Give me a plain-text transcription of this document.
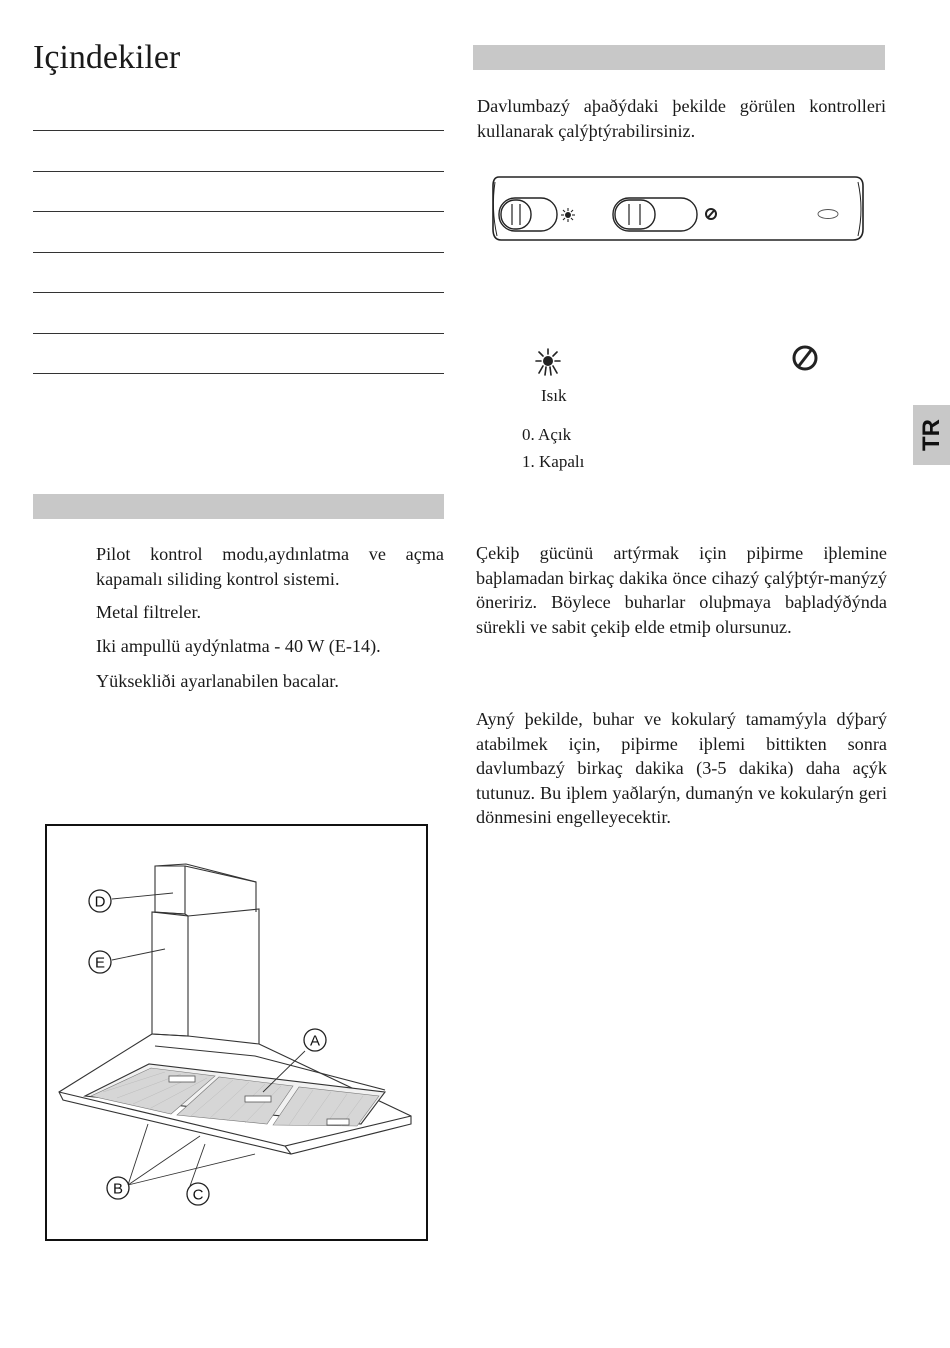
Içindekiler

Davlumbazý aþaðýdaki þekilde görülen kontrolleri kullanarak çalýþtýrabilirsiniz.

Isık
0. Açık
1. Kapalı
TR

Pilot kontrol modu,aydınlatma ve açma kapamalı siliding kontrol sistemi.

Metal filtreler.

Iki ampullü aydýnlatma - 40 W (E-14).

Yüksekliði ayarlanabilen bacalar.

Çekiþ gücünü artýrmak için piþirme iþlemine baþlamadan birkaç dakika önce cihazý çalýþtýr-manýzý öneririz. Böylece buharlar oluþmaya baþladýðýnda sürekli ve sabit çekiþ elde etmiþ olursunuz.

Ayný þekilde, buhar ve kokularý tamamýyla dýþarý atabilmek için, piþirme iþlemi bittikten sonra davlumbazý birkaç dakika (3-5 dakika) daha açýk tutunuz. Bu iþlem yaðlarýn, dumanýn ve kokularýn geri dönmesini engelleyecektir.

D
E
A
B	C
